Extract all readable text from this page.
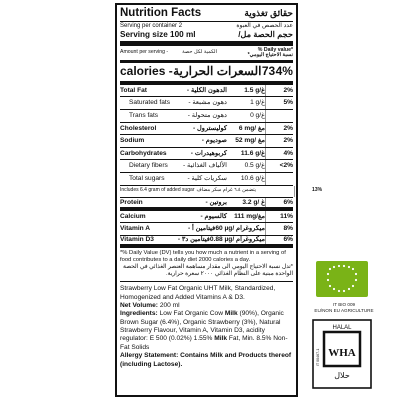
Nutrition Facts	حقائق تغذوية
Serving per container 2	عدد الحصص في العبوة
Serving size 100 ml	حجم الحصة مل/
Amount per serving -	الكمية لكل حصة	% Daily value*
نسبة الاحتياج اليومي*
calories - السعرات الحرارية 73 4%
Total Fat	الدهون الكلية -	1.5 g/غ	2%
Saturated fats	دهون مشبعة -	1 g/غ	5%
Trans fats	دهون متحولة -	0 g/غ
Cholesterol	كوليسترول -	6 mg/ مغ	2%
Sodium	صوديوم -	52 mg/ مغ	2%
Carbohydrates	كربوهيدرات -	11.6 g/غ	4%
Dietary fibers	الألياف الغذائية -	0.5 g/غ	<2%
Total sugars	سكريات كلية -	10.6 g/غ
Includes 6.4 gram of added sugar يتضمن ٦.٤ غرام سكر مضاف	13%
Protein	بروتين -	3.2 g/ غ	6%
Calcium	كالسيوم -	111 mg/مغ	11%
Vitamin A	فيتامين أ - 60 µg/ ميكروغرام	8%
Vitamin D3	فيتامين د٣ - 0.88 µg/ ميكروغرام	6%
*% Daily Value (DV) tells you how much a nutrient in a serving of food contributes to a daily diet 2000 calories a day.
*تدل نسبة الاحتياج اليومي الى مقدار مساهمة العنصر الغذائي في الحصة الواحدة مبنية على النظام الغذائي ٢٠٠٠ سعرة حرارية.
Strawberry Low Fat Organic UHT Milk, Standardized, Homogenized and Added Vitamins A & D3.
Net Volume: 200 ml
Ingredients: Low Fat Organic Cow Milk (90%), Organic Brown Sugar (6.4%), Organic Strawberry (3%), Natural Strawberry Flavour, Vitamin A, Vitamin D3, acidity regulator: E 500 (0.02%) 1.55% Milk Fat, Min. 8.5% Non-Fat Solids
Allergy Statement: Contains Milk and Products thereof (including Lactose).
IT BIO 009
EU/NON EU AGRICULTURE
HALAL
WHA
حلال
IT 00467-1
